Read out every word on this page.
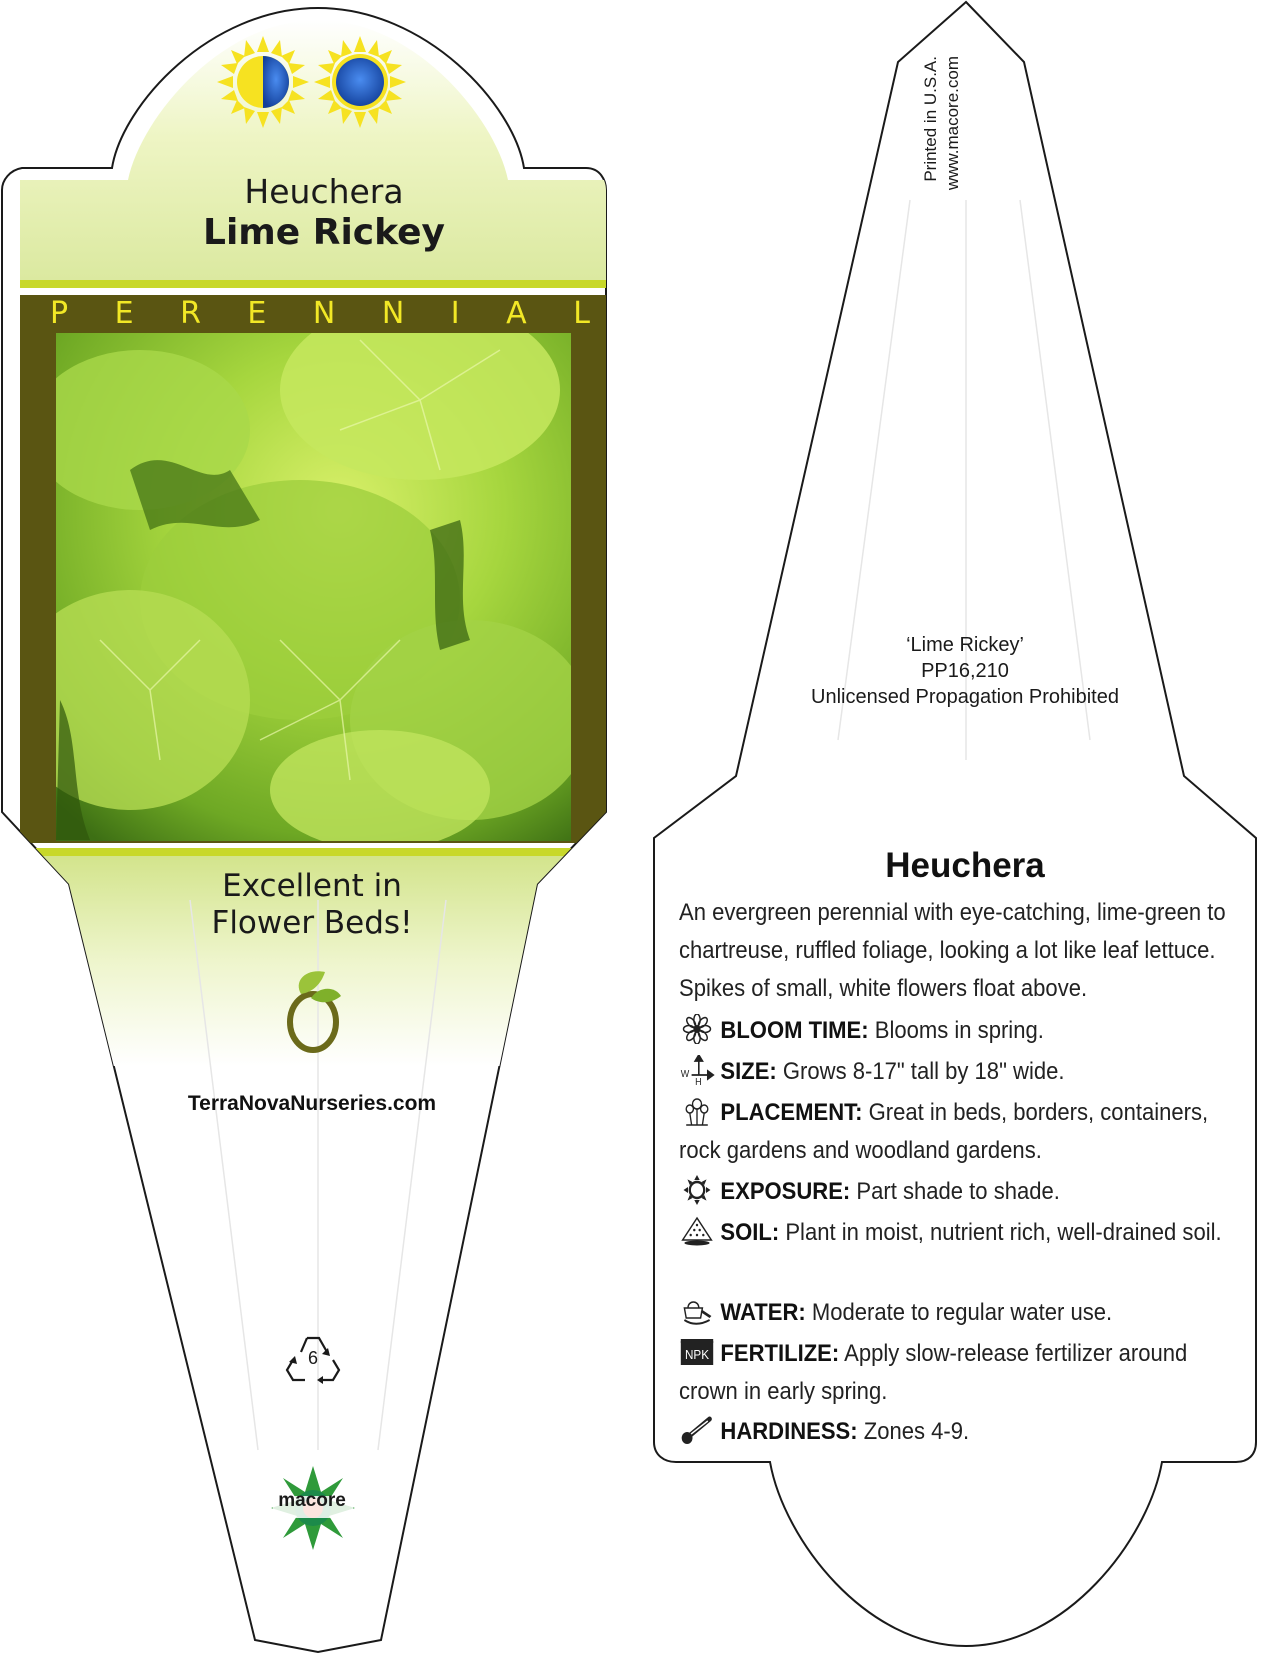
Heuchera
Lime Rickey
P E R E N N I A L
Excellent in
Flower Beds!
TerraNovaNurseries.com
6
macore
Printed in U.S.A. www.macore.com
‘Lime Rickey’
PP16,210
Unlicensed Propagation Prohibited
Heuchera
An evergreen perennial with eye-catching, lime-green to chartreuse, ruffled foliage, looking a lot like leaf lettuce. Spikes of small, white flowers float above.
BLOOM TIME: Blooms in spring.
W
H SIZE: Grows 8-17" tall by 18" wide.
PLACEMENT: Great in beds, borders, containers, rock gardens and woodland gardens.
EXPOSURE: Part shade to shade.
SOIL: Plant in moist, nutrient rich, well-drained soil.
WATER: Moderate to regular water use.
NPK FERTILIZE: Apply slow-release fertilizer around crown in early spring.
HARDINESS: Zones 4-9.
